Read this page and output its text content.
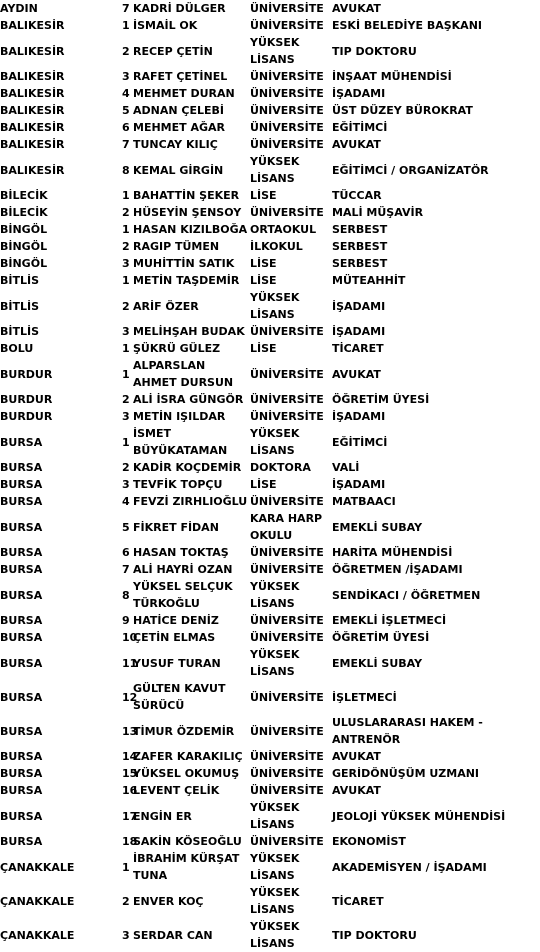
AYDIN	7	KADRİ DÜLGER	ÜNİVERSİTE	AVUKAT
BALIKESİR	1	İSMAİL OK	ÜNİVERSİTE	ESKİ BELEDİYE BAŞKANI
BALIKESİR	2	RECEP ÇETİN	YÜKSEK LİSANS	TIP DOKTORU
BALIKESİR	3	RAFET ÇETİNEL	ÜNİVERSİTE	İNŞAAT MÜHENDİSİ
BALIKESİR	4	MEHMET DURAN	ÜNİVERSİTE	İŞADAMI
BALIKESİR	5	ADNAN ÇELEBİ	ÜNİVERSİTE	ÜST DÜZEY BÜROKRAT
BALIKESİR	6	MEHMET AĞAR	ÜNİVERSİTE	EĞİTİMCİ
BALIKESİR	7	TUNCAY KILIÇ	ÜNİVERSİTE	AVUKAT
BALIKESİR	8	KEMAL GİRGİN	YÜKSEK LİSANS	EĞİTİMCİ / ORGANİZATÖR
BİLECİK	1	BAHATTİN ŞEKER	LİSE	TÜCCAR
BİLECİK	2	HÜSEYİN ŞENSOY	ÜNİVERSİTE	MALİ MÜŞAVİR
BİNGÖL	1	HASAN KIZILBOĞA	ORTAOKUL	SERBEST
BİNGÖL	2	RAGIP TÜMEN	İLKOKUL	SERBEST
BİNGÖL	3	MUHİTTİN SATIK	LİSE	SERBEST
BİTLİS	1	METİN TAŞDEMİR	LİSE	MÜTEAHHİT
BİTLİS	2	ARİF ÖZER	YÜKSEK LİSANS	İŞADAMI
BİTLİS	3	MELİHŞAH BUDAK	ÜNİVERSİTE	İŞADAMI
BOLU	1	ŞÜKRÜ GÜLEZ	LİSE	TİCARET
BURDUR	1	ALPARSLAN AHMET DURSUN	ÜNİVERSİTE	AVUKAT
BURDUR	2	ALİ İSRA GÜNGÖR	ÜNİVERSİTE	ÖĞRETİM ÜYESİ
BURDUR	3	METİN IŞILDAR	ÜNİVERSİTE	İŞADAMI
BURSA	1	İSMET BÜYÜKATAMAN	YÜKSEK LİSANS	EĞİTİMCİ
BURSA	2	KADİR KOÇDEMİR	DOKTORA	VALİ
BURSA	3	TEVFİK TOPÇU	LİSE	İŞADAMI
BURSA	4	FEVZİ ZIRHLIOĞLU	ÜNİVERSİTE	MATBAACI
BURSA	5	FİKRET FİDAN	KARA HARP OKULU	EMEKLİ SUBAY
BURSA	6	HASAN TOKTAŞ	ÜNİVERSİTE	HARİTA MÜHENDİSİ
BURSA	7	ALİ HAYRİ OZAN	ÜNİVERSİTE	ÖĞRETMEN /İŞADAMI
BURSA	8	YÜKSEL SELÇUK TÜRKOĞLU	YÜKSEK LİSANS	SENDİKACI / ÖĞRETMEN
BURSA	9	HATİCE DENİZ	ÜNİVERSİTE	EMEKLİ İŞLETMECİ
BURSA	10	ÇETİN ELMAS	ÜNİVERSİTE	ÖĞRETİM ÜYESİ
BURSA	11	YUSUF TURAN	YÜKSEK LİSANS	EMEKLİ SUBAY
BURSA	12	GÜLTEN KAVUT SÜRÜCÜ	ÜNİVERSİTE	İŞLETMECİ
BURSA	13	TİMUR ÖZDEMİR	ÜNİVERSİTE	ULUSLARARASI HAKEM - ANTRENÖR
BURSA	14	ZAFER KARAKILIÇ	ÜNİVERSİTE	AVUKAT
BURSA	15	YÜKSEL OKUMUŞ	ÜNİVERSİTE	GERİDÖNÜŞÜM UZMANI
BURSA	16	LEVENT ÇELİK	ÜNİVERSİTE	AVUKAT
BURSA	17	ENGİN ER	YÜKSEK LİSANS	JEOLOJİ YÜKSEK MÜHENDİSİ
BURSA	18	SAKİN KÖSEOĞLU	ÜNİVERSİTE	EKONOMİST
ÇANAKKALE	1	İBRAHİM KÜRŞAT TUNA	YÜKSEK LİSANS	AKADEMİSYEN / İŞADAMI
ÇANAKKALE	2	ENVER KOÇ	YÜKSEK LİSANS	TİCARET
ÇANAKKALE	3	SERDAR CAN	YÜKSEK LİSANS	TIP DOKTORU
